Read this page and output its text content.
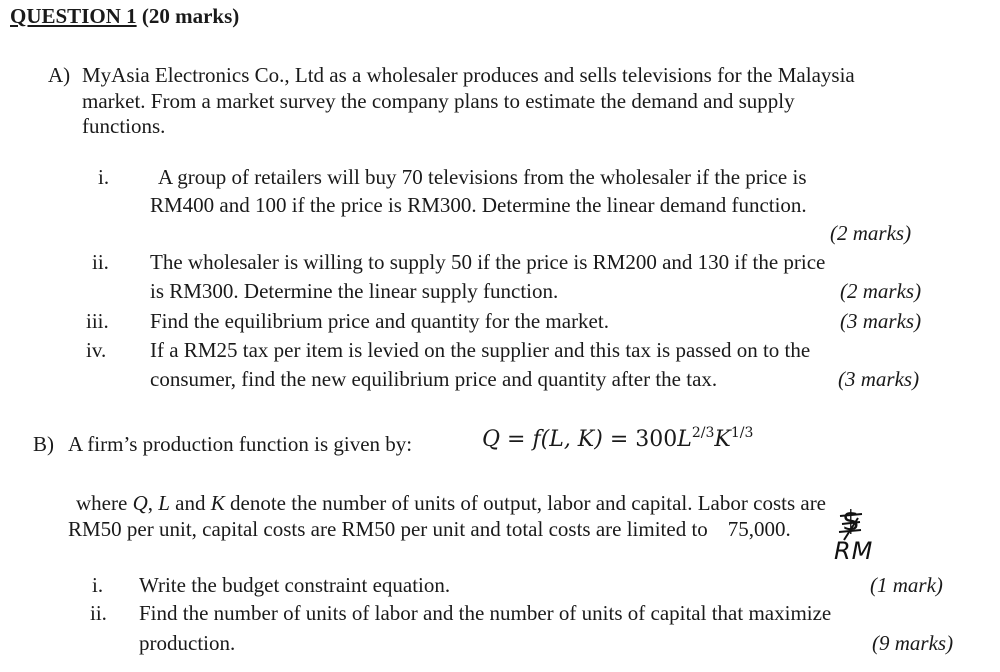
QUESTION 1 (20 marks)
A) MyAsia Electronics Co., Ltd as a wholesaler produces and sells televisions for the Malaysia
market. From a market survey the company plans to estimate the demand and supply
functions.
i. A group of retailers will buy 70 televisions from the wholesaler if the price is
RM400 and 100 if the price is RM300. Determine the linear demand function.
(2 marks)
ii. The wholesaler is willing to supply 50 if the price is RM200 and 130 if the price
is RM300. Determine the linear supply function.	(2 marks)
iii. Find the equilibrium price and quantity for the market.	(3 marks)
iv. If a RM25 tax per item is levied on the supplier and this tax is passed on to the
consumer, find the new equilibrium price and quantity after the tax.	(3 marks)
B) A firm’s production function is given by:	Q = f(L, $K) = 300L^{2/3}K^{1/3}$
where Q, L and K denote the number of units of output, labor and capital. Labor costs are
RM50 per unit, capital costs are RM50 per unit and total costs are limited to 75,000. $
RM
i. Write the budget constraint equation.	(1 mark)
ii. Find the number of units of labor and the number of units of capital that maximize
production.	(9 marks)
